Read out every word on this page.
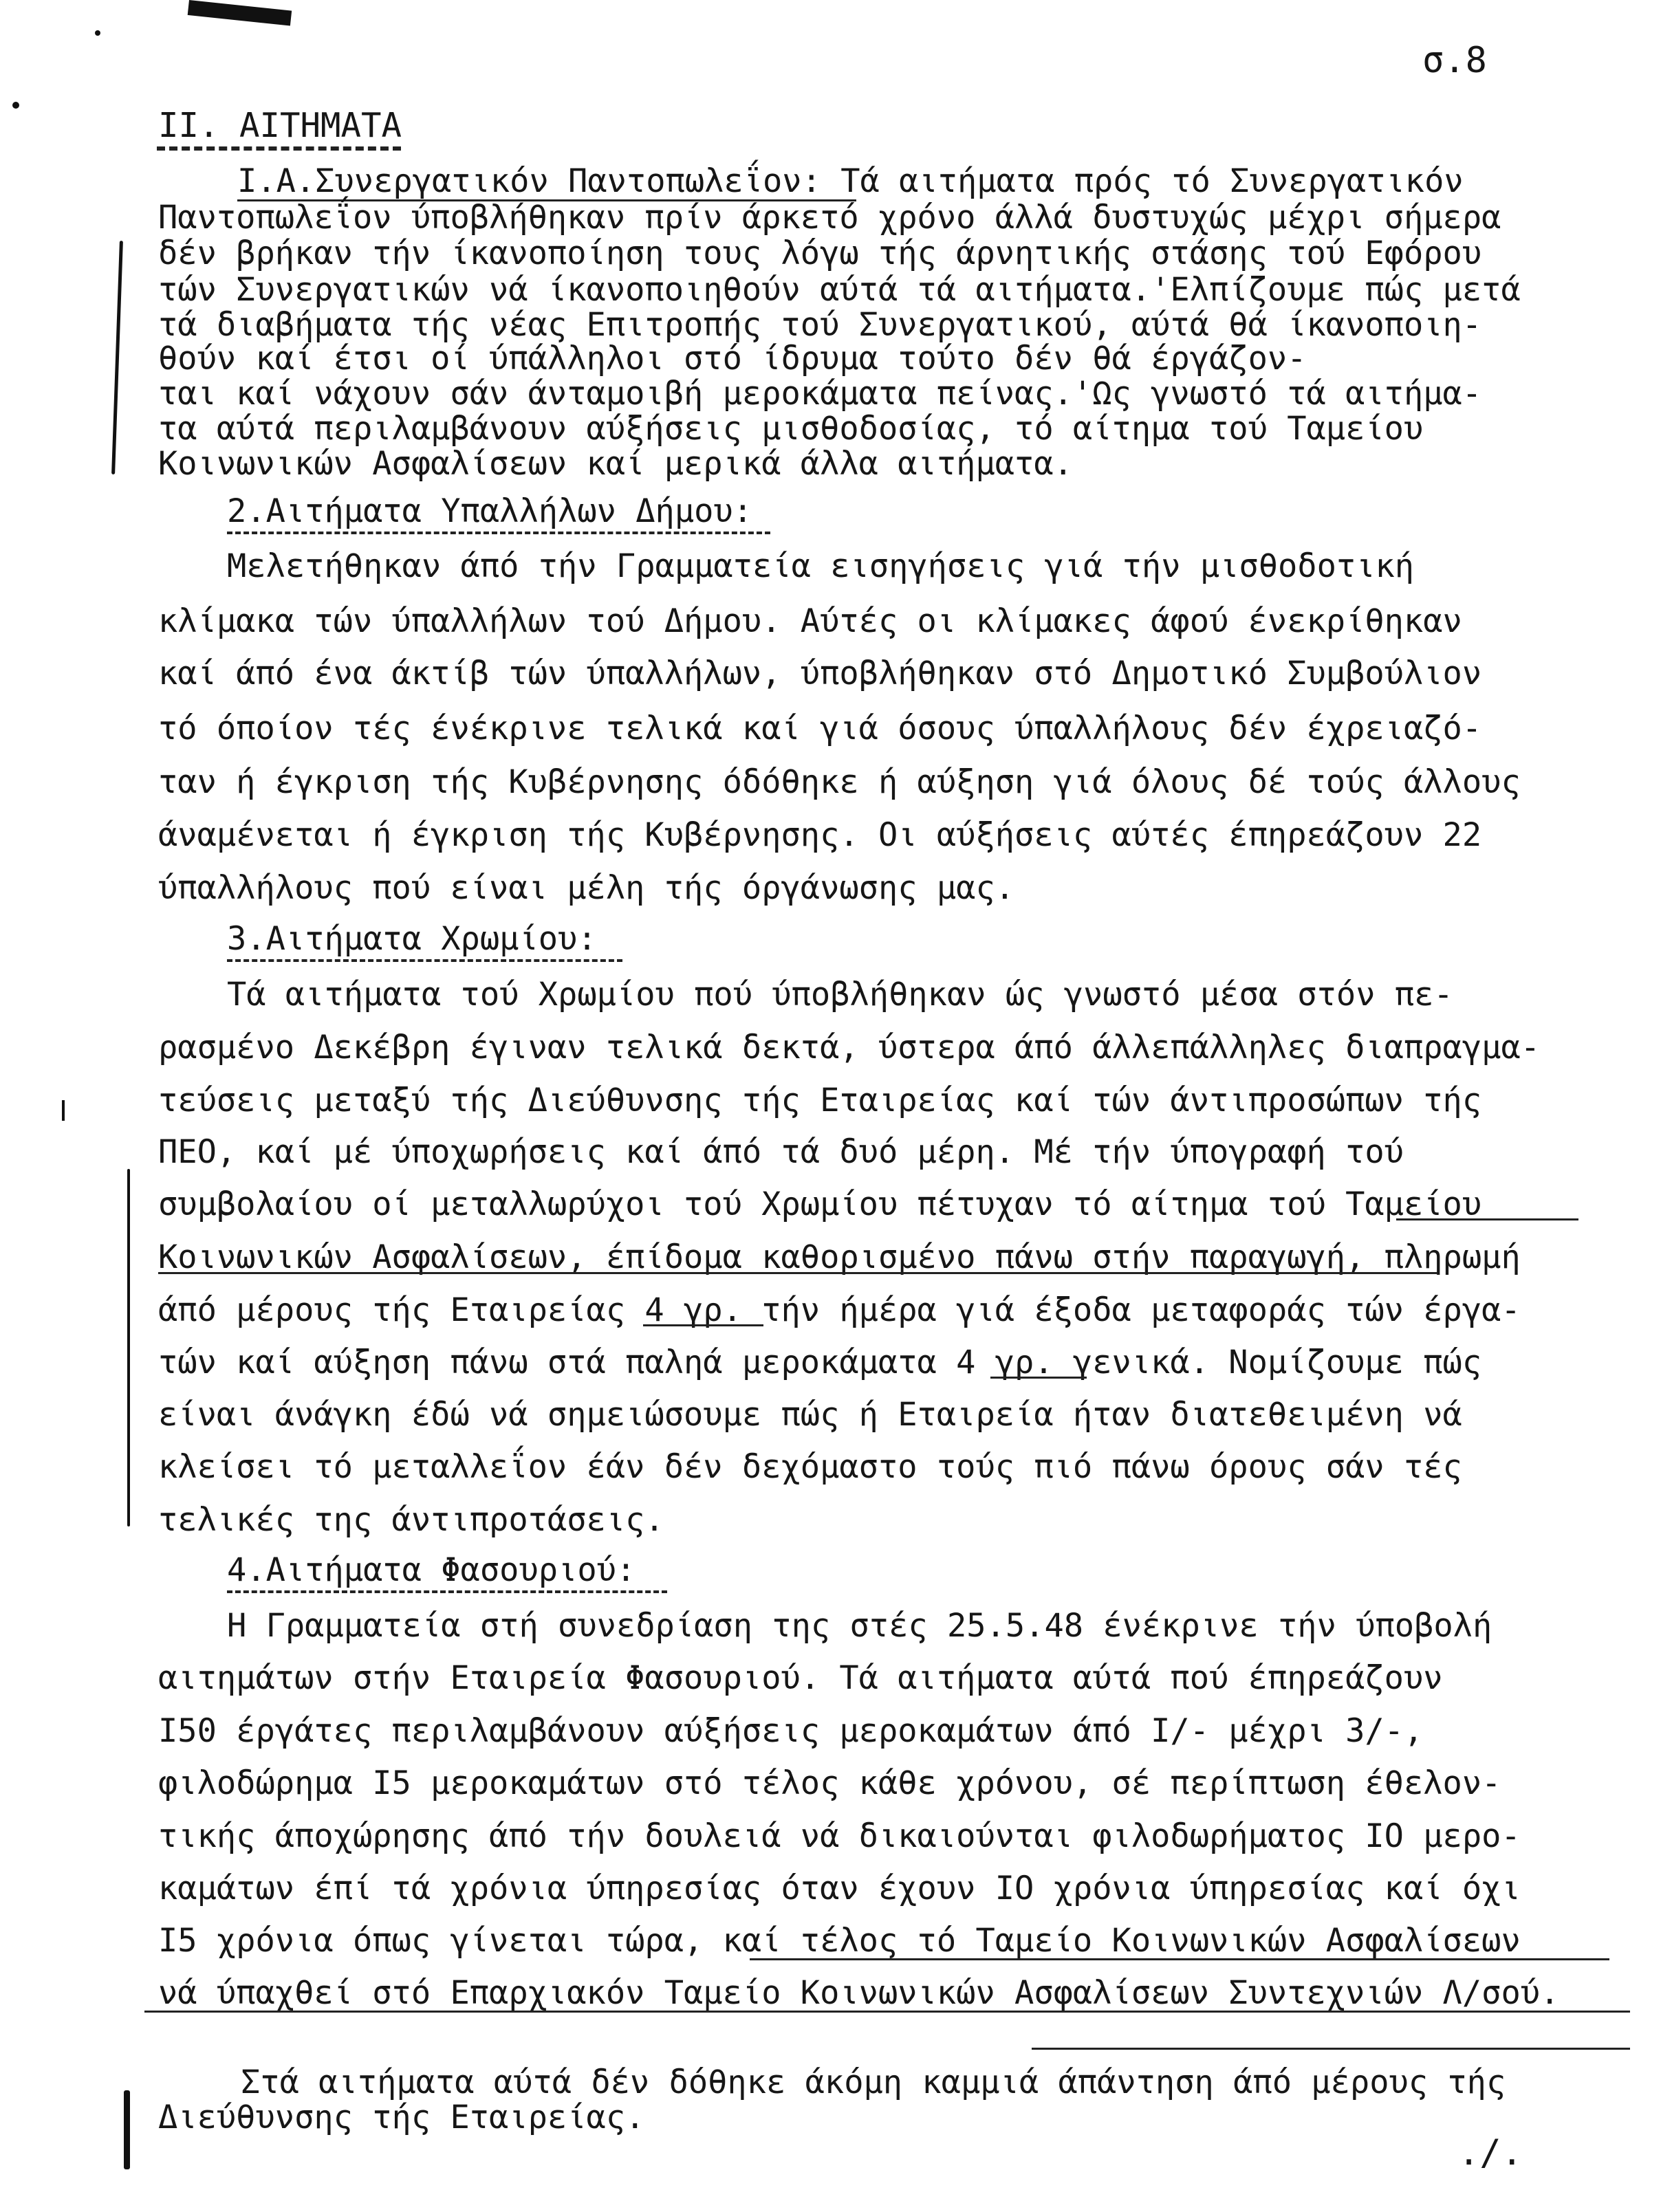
σ.8
II. ΑΙΤΗΜΑΤΑ
I.Α.Συνεργατικόν Παντοπωλεΐον: Τά αιτήματα πρός τό Συνεργατικόν
Παντοπωλεΐον ύποβλήθηκαν πρίν άρκετό χρόνο άλλά δυστυχώς μέχρι σήμερα
δέν βρήκαν τήν ίκανοποίηση τους λόγω τής άρνητικής στάσης τού Εφόρου
τών Συνεργατικών νά ίκανοποιηθούν αύτά τά αιτήματα.'Ελπίζουμε πώς μετά
τά διαβήματα τής νέας Επιτροπής τού Συνεργατικού, αύτά θά ίκανοποιη-
θούν καί έτσι οί ύπάλληλοι στό ίδρυμα τούτο δέν θά έργάζον-
ται καί νάχουν σάν άνταμοιβή μεροκάματα πείνας.'Ως γνωστό τά αιτήμα-
τα αύτά περιλαμβάνουν αύξήσεις μισθοδοσίας, τό αίτημα τού Ταμείου
Κοινωνικών Ασφαλίσεων καί μερικά άλλα αιτήματα.
2.Αιτήματα Υπαλλήλων Δήμου:
Μελετήθηκαν άπό τήν Γραμματεία εισηγήσεις γιά τήν μισθοδοτική
κλίμακα τών ύπαλλήλων τού Δήμου. Αύτές οι κλίμακες άφού ένεκρίθηκαν
καί άπό ένα άκτίβ τών ύπαλλήλων, ύποβλήθηκαν στό Δημοτικό Συμβούλιον
τό όποίον τές ένέκρινε τελικά καί γιά όσους ύπαλλήλους δέν έχρειαζό-
ταν ή έγκριση τής Κυβέρνησης όδόθηκε ή αύξηση γιά όλους δέ τούς άλλους
άναμένεται ή έγκριση τής Κυβέρνησης. Οι αύξήσεις αύτές έπηρεάζουν 22
ύπαλλήλους πού είναι μέλη τής όργάνωσης μας.
3.Αιτήματα Χρωμίου:
Τά αιτήματα τού Χρωμίου πού ύποβλήθηκαν ώς γνωστό μέσα στόν πε-
ρασμένο Δεκέβρη έγιναν τελικά δεκτά, ύστερα άπό άλλεπάλληλες διαπραγμα-
τεύσεις μεταξύ τής Διεύθυνσης τής Εταιρείας καί τών άντιπροσώπων τής
ΠΕΟ, καί μέ ύποχωρήσεις καί άπό τά δυό μέρη. Μέ τήν ύπογραφή τού
συμβολαίου οί μεταλλωρύχοι τού Χρωμίου πέτυχαν τό αίτημα τού Ταμείου
Κοινωνικών Ασφαλίσεων, έπίδομα καθορισμένο πάνω στήν παραγωγή, πληρωμή
άπό μέρους τής Εταιρείας 4 γρ. τήν ήμέρα γιά έξοδα μεταφοράς τών έργα-
τών καί αύξηση πάνω στά παληά μεροκάματα 4 γρ. γενικά. Νομίζουμε πώς
είναι άνάγκη έδώ νά σημειώσουμε πώς ή Εταιρεία ήταν διατεθειμένη νά
κλείσει τό μεταλλεΐον έάν δέν δεχόμαστο τούς πιό πάνω όρους σάν τές
τελικές της άντιπροτάσεις.
4.Αιτήματα Φασουριού:
Η Γραμματεία στή συνεδρίαση της στές 25.5.48 ένέκρινε τήν ύποβολή
αιτημάτων στήν Εταιρεία Φασουριού. Τά αιτήματα αύτά πού έπηρεάζουν
I50 έργάτες περιλαμβάνουν αύξήσεις μεροκαμάτων άπό I/- μέχρι 3/-,
φιλοδώρημα I5 μεροκαμάτων στό τέλος κάθε χρόνου, σέ περίπτωση έθελον-
τικής άποχώρησης άπό τήν δουλειά νά δικαιούνται φιλοδωρήματος IO μερο-
καμάτων έπί τά χρόνια ύπηρεσίας όταν έχουν IO χρόνια ύπηρεσίας καί όχι
I5 χρόνια όπως γίνεται τώρα, καί τέλος τό Ταμείο Κοινωνικών Ασφαλίσεων
νά ύπαχθεί στό Επαρχιακόν Ταμείο Κοινωνικών Ασφαλίσεων Συντεχνιών Λ/σού.
Στά αιτήματα αύτά δέν δόθηκε άκόμη καμμιά άπάντηση άπό μέρους τής
Διεύθυνσης τής Εταιρείας.
./.
